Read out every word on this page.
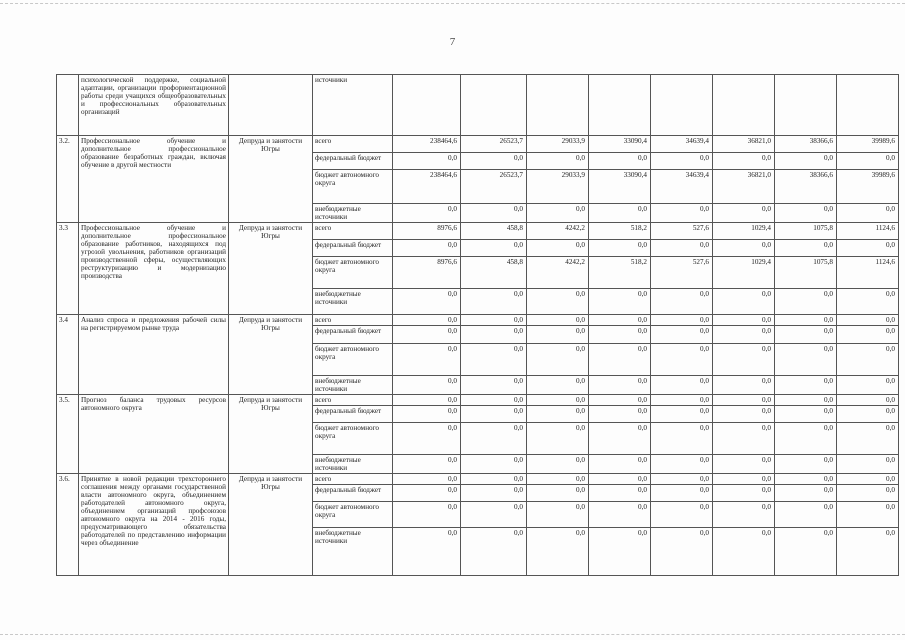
7
	психологической поддержке, социальной адаптации, организации профориентационной работы среди учащихся общеобразовательных и профессиональных образовательных организаций		источники								
3.2.	Профессиональное обучение и дополнительное профессиональное образование безработных граждан, включая обучение в другой местности	Депруда и занятости Югры	всего	238464,6	26523,7	29033,9	33090,4	34639,4	36821,0	38366,6	39989,6
			федеральный бюджет	0,0	0,0	0,0	0,0	0,0	0,0	0,0	0,0
			бюджет автономного округа	238464,6	26523,7	29033,9	33090,4	34639,4	36821,0	38366,6	39989,6
			внебюджетные источники	0,0	0,0	0,0	0,0	0,0	0,0	0,0	0,0
3.3	Профессиональное обучение и дополнительное профессиональное образование работников, находящихся под угрозой увольнения, работников организаций производственной сферы, осуществляющих реструктуризацию и модернизацию производства	Депруда и занятости Югры	всего	8976,6	458,8	4242,2	518,2	527,6	1029,4	1075,8	1124,6
			федеральный бюджет	0,0	0,0	0,0	0,0	0,0	0,0	0,0	0,0
			бюджет автономного округа	8976,6	458,8	4242,2	518,2	527,6	1029,4	1075,8	1124,6
			внебюджетные источники	0,0	0,0	0,0	0,0	0,0	0,0	0,0	0,0
3.4	Анализ спроса и предложения рабочей силы на регистрируемом рынке труда	Депруда и занятости Югры	всего	0,0	0,0	0,0	0,0	0,0	0,0	0,0	0,0
			федеральный бюджет	0,0	0,0	0,0	0,0	0,0	0,0	0,0	0,0
			бюджет автономного округа	0,0	0,0	0,0	0,0	0,0	0,0	0,0	0,0
			внебюджетные источники	0,0	0,0	0,0	0,0	0,0	0,0	0,0	0,0
3.5.	Прогноз баланса трудовых ресурсов автономного округа	Депруда и занятости Югры	всего	0,0	0,0	0,0	0,0	0,0	0,0	0,0	0,0
			федеральный бюджет	0,0	0,0	0,0	0,0	0,0	0,0	0,0	0,0
			бюджет автономного округа	0,0	0,0	0,0	0,0	0,0	0,0	0,0	0,0
			внебюджетные источники	0,0	0,0	0,0	0,0	0,0	0,0	0,0	0,0
3.6.	Принятие в новой редакции трехстороннего соглашения между органами государственной власти автономного округа, объединением работодателей автономного округа, объединением организаций профсоюзов автономного округа на 2014 - 2016 годы, предусматривающего обязательства работодателей по представлению информации через объединение	Депруда и занятости Югры	всего	0,0	0,0	0,0	0,0	0,0	0,0	0,0	0,0
			федеральный бюджет	0,0	0,0	0,0	0,0	0,0	0,0	0,0	0,0
			бюджет автономного округа	0,0	0,0	0,0	0,0	0,0	0,0	0,0	0,0
			внебюджетные источники	0,0	0,0	0,0	0,0	0,0	0,0	0,0	0,0
